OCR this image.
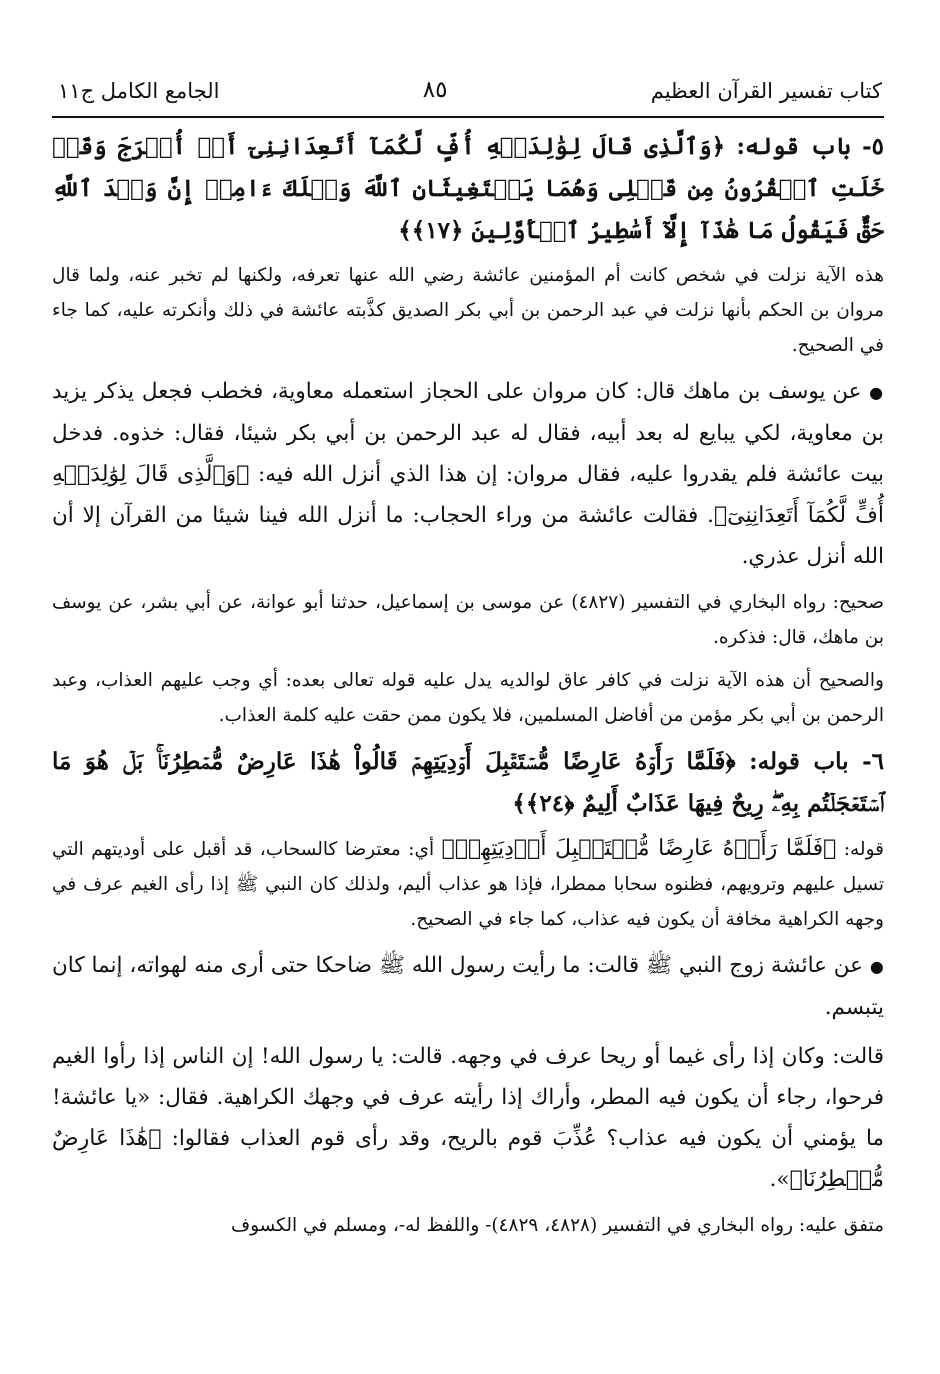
كتاب تفسير القرآن العظيم
٨٥
الجامع الكامل ج١١

٥- باب قوله: ﴿وَٱلَّذِى قَالَ لِوَٰلِدَيۡهِ أُفٍّ لَّكُمَآ أَتَعِدَانِنِىٓ أَنۡ أُخۡرَجَ وَقَدۡ خَلَتِ ٱلۡقُرُونُ مِن قَبۡلِى وَهُمَا يَسۡتَغِيثَانِ ٱللَّهَ وَيۡلَكَ ءَامِنۡ إِنَّ وَعۡدَ ٱللَّهِ حَقٌّ فَيَقُولُ مَا هَٰذَآ إِلَّآ أَسَٰطِيرُ ٱلۡأَوَّلِينَ ﴿١٧﴾﴾

هذه الآية نزلت في شخص كانت أم المؤمنين عائشة رضي الله عنها تعرفه، ولكنها لم تخبر عنه، ولما قال مروان بن الحكم بأنها نزلت في عبد الرحمن بن أبي بكر الصديق كذَّبته عائشة في ذلك وأنكرته عليه، كما جاء في الصحيح.

● عن يوسف بن ماهك قال: كان مروان على الحجاز استعمله معاوية، فخطب فجعل يذكر يزيد بن معاوية، لكي يبايع له بعد أبيه، فقال له عبد الرحمن بن أبي بكر شيئا، فقال: خذوه. فدخل بيت عائشة فلم يقدروا عليه، فقال مروان: إن هذا الذي أنزل الله فيه: ﴿وَٱلَّذِى قَالَ لِوَٰلِدَيۡهِ أُفٍّ لَّكُمَآ أَتَعِدَانِنِىٓ﴾. فقالت عائشة من وراء الحجاب: ما أنزل الله فينا شيئا من القرآن إلا أن الله أنزل عذري.

صحيح: رواه البخاري في التفسير (٤٨٢٧) عن موسى بن إسماعيل، حدثنا أبو عوانة، عن أبي بشر، عن يوسف بن ماهك، قال: فذكره.

والصحيح أن هذه الآية نزلت في كافر عاق لوالديه يدل عليه قوله تعالى بعده: أي وجب عليهم العذاب، وعبد الرحمن بن أبي بكر مؤمن من أفاضل المسلمين، فلا يكون ممن حقت عليه كلمة العذاب.

٦- باب قوله: ﴿فَلَمَّا رَأَوۡهُ عَارِضًا مُّسۡتَقۡبِلَ أَوۡدِيَتِهِمۡ قَالُواْ هَٰذَا عَارِضٌ مُّمۡطِرُنَاۚ بَلۡ هُوَ مَا ٱسۡتَعۡجَلۡتُم بِهِۦۖ رِيحٌ فِيهَا عَذَابٌ أَلِيمٌ ﴿٢٤﴾﴾

قوله: ﴿فَلَمَّا رَأَوۡهُ عَارِضًا مُّسۡتَقۡبِلَ أَوۡدِيَتِهِمۡ﴾ أي: معترضا كالسحاب، قد أقبل على أوديتهم التي تسيل عليهم وترويهم، فظنوه سحابا ممطرا، فإذا هو عذاب أليم، ولذلك كان النبي ﷺ إذا رأى الغيم عرف في وجهه الكراهية مخافة أن يكون فيه عذاب، كما جاء في الصحيح.

● عن عائشة زوج النبي ﷺ قالت: ما رأيت رسول الله ﷺ ضاحكا حتى أرى منه لهواته، إنما كان يتبسم.

قالت: وكان إذا رأى غيما أو ريحا عرف في وجهه. قالت: يا رسول الله! إن الناس إذا رأوا الغيم فرحوا، رجاء أن يكون فيه المطر، وأراك إذا رأيته عرف في وجهك الكراهية. فقال: «يا عائشة! ما يؤمني أن يكون فيه عذاب؟ عُذِّبَ قوم بالريح، وقد رأى قوم العذاب فقالوا: ﴿هَٰذَا عَارِضٌ مُّمۡطِرُنَا﴾».

متفق عليه: رواه البخاري في التفسير (٤٨٢٨، ٤٨٢٩)- واللفظ له-، ومسلم في الكسوف
